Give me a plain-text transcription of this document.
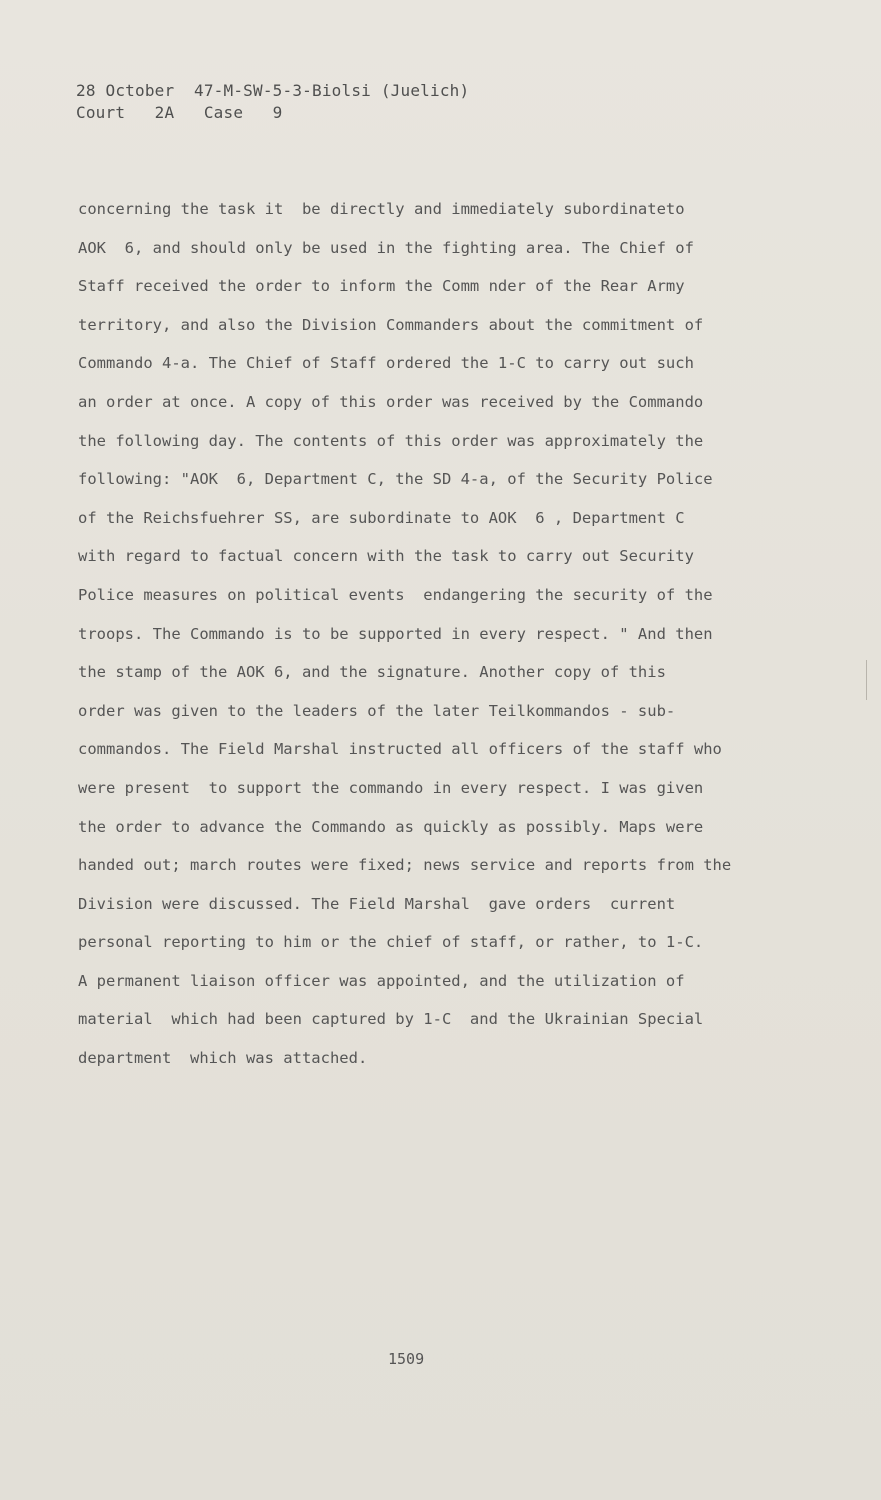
28 October  47-M-SW-5-3-Biolsi (Juelich)
Court   2A   Case   9
concerning the task it  be directly and immediately subordinateto
AOK  6, and should only be used in the fighting area. The Chief of
Staff received the order to inform the Comm nder of the Rear Army
territory, and also the Division Commanders about the commitment of
Commando 4-a. The Chief of Staff ordered the 1-C to carry out such
an order at once. A copy of this order was received by the Commando
the following day. The contents of this order was approximately the
following: "AOK  6, Department C, the SD 4-a, of the Security Police
of the Reichsfuehrer SS, are subordinate to AOK  6 , Department C
with regard to factual concern with the task to carry out Security
Police measures on political events  endangering the security of the
troops. The Commando is to be supported in every respect. " And then
the stamp of the AOK 6, and the signature. Another copy of this
order was given to the leaders of the later Teilkommandos - sub-
commandos. The Field Marshal instructed all officers of the staff who
were present  to support the commando in every respect. I was given
the order to advance the Commando as quickly as possibly. Maps were
handed out; march routes were fixed; news service and reports from the
Division were discussed. The Field Marshal  gave orders  current
personal reporting to him or the chief of staff, or rather, to 1-C.
A permanent liaison officer was appointed, and the utilization of
material  which had been captured by 1-C  and the Ukrainian Special
department  which was attached.
1509
